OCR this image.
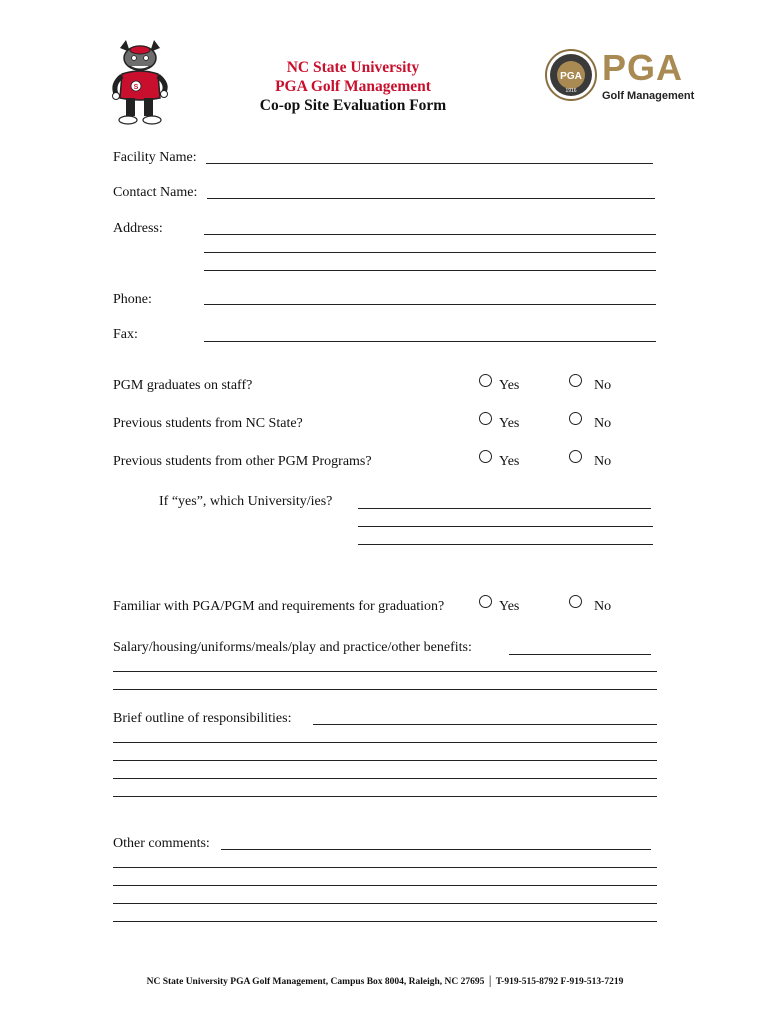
S
NC State University
PGA Golf Management
Co-op Site Evaluation Form
PGA
1916
PGA
Golf Management
Facility Name:
Contact Name:
Address:
Phone:
Fax:
PGM graduates on staff?	Yes	No
Previous students from NC State?	Yes	No
Previous students from other PGM Programs?	Yes	No
If “yes”, which University/ies?
Familiar with PGA/PGM and requirements for graduation?	Yes	No
Salary/housing/uniforms/meals/play and practice/other benefits:
Brief outline of responsibilities:
Other comments:
NC State University PGA Golf Management, Campus Box 8004, Raleigh, NC 27695 │ T-919-515-8792 F-919-513-7219
